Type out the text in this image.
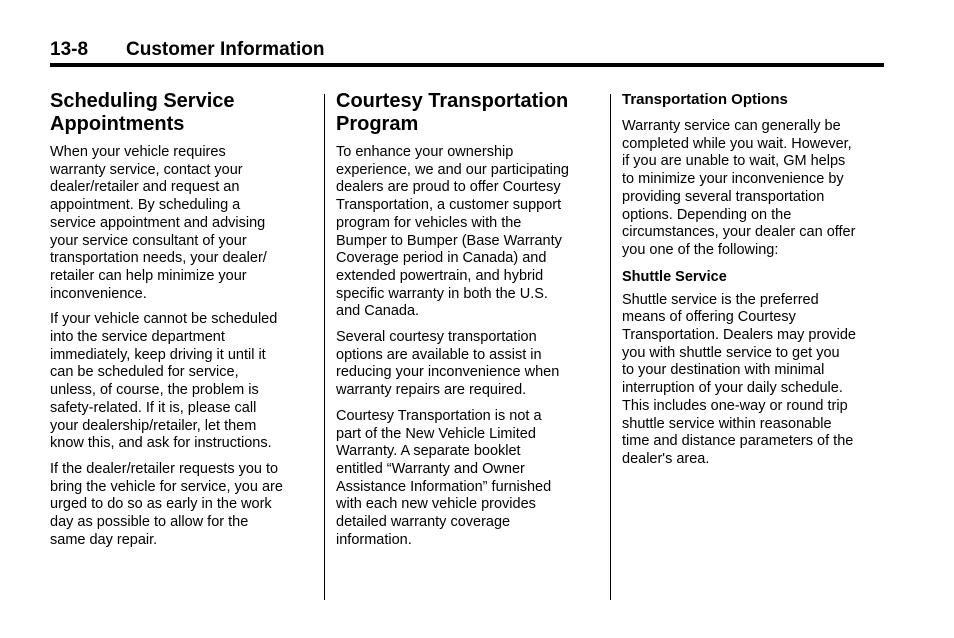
13-8 Customer Information
Scheduling Service
Appointments

When your vehicle requires
warranty service, contact your
dealer/retailer and request an
appointment. By scheduling a
service appointment and advising
your service consultant of your
transportation needs, your dealer/
retailer can help minimize your
inconvenience.

If your vehicle cannot be scheduled
into the service department
immediately, keep driving it until it
can be scheduled for service,
unless, of course, the problem is
safety-related. If it is, please call
your dealership/retailer, let them
know this, and ask for instructions.

If the dealer/retailer requests you to
bring the vehicle for service, you are
urged to do so as early in the work
day as possible to allow for the
same day repair.

Courtesy Transportation
Program

To enhance your ownership
experience, we and our participating
dealers are proud to offer Courtesy
Transportation, a customer support
program for vehicles with the
Bumper to Bumper (Base Warranty
Coverage period in Canada) and
extended powertrain, and hybrid
specific warranty in both the U.S.
and Canada.

Several courtesy transportation
options are available to assist in
reducing your inconvenience when
warranty repairs are required.

Courtesy Transportation is not a
part of the New Vehicle Limited
Warranty. A separate booklet
entitled “Warranty and Owner
Assistance Information” furnished
with each new vehicle provides
detailed warranty coverage
information.

Transportation Options

Warranty service can generally be
completed while you wait. However,
if you are unable to wait, GM helps
to minimize your inconvenience by
providing several transportation
options. Depending on the
circumstances, your dealer can offer
you one of the following:

Shuttle Service

Shuttle service is the preferred
means of offering Courtesy
Transportation. Dealers may provide
you with shuttle service to get you
to your destination with minimal
interruption of your daily schedule.
This includes one-way or round trip
shuttle service within reasonable
time and distance parameters of the
dealer's area.
